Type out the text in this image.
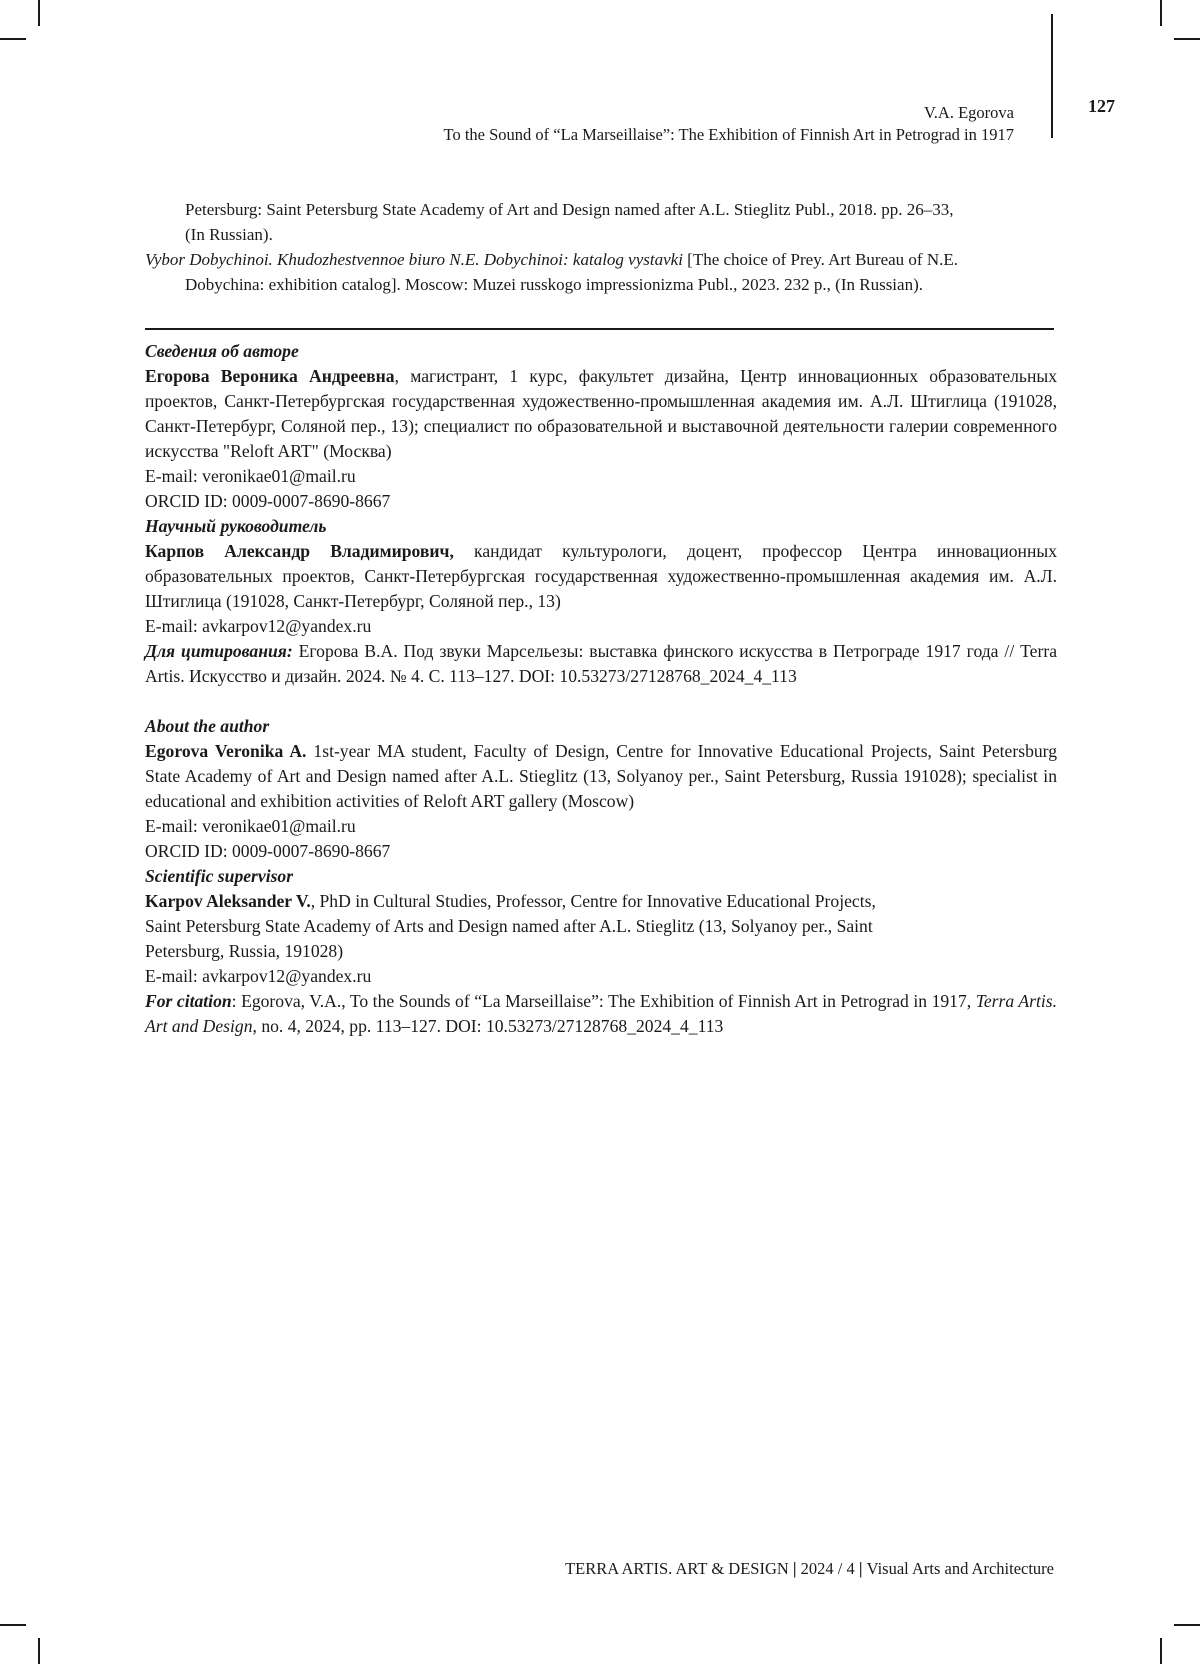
V.A. Egorova
To the Sound of “La Marseillaise”: The Exhibition of Finnish Art in Petrograd in 1917
127
Petersburg: Saint Petersburg State Academy of Art and Design named after A.L. Stieglitz Publ., 2018. pp. 26–33,
(In Russian).
Vybor Dobychinoi. Khudozhestvennoe biuro N.E. Dobychinoi: katalog vystavki [The choice of Prey. Art Bureau of N.E.
Dobychina: exhibition catalog]. Moscow: Muzei russkogo impressionizma Publ., 2023. 232 p., (In Russian).

Сведения об авторе

Егорова Вероника Андреевна, магистрант, 1 курс, факультет дизайна, Центр инновационных образовательных проектов, Санкт-Петербургская государственная художественно-промышленная академия им. А.Л. Штиглица (191028, Санкт-Петербург, Соляной пер., 13); специалист по образовательной и выставочной деятельности галерии современного искусства "Reloft ART" (Москва)

E-mail: veronikae01@mail.ru

ORCID ID: 0009-0007-8690-8667

Научный руководитель

Карпов Александр Владимирович, кандидат культурологи, доцент, профессор Центра инновационных образовательных проектов, Санкт-Петербургская государственная художественно-промышленная академия им. А.Л. Штиглица (191028, Санкт-Петербург, Соляной пер., 13)

E-mail: avkarpov12@yandex.ru

Для цитирования: Егорова В.А. Под звуки Марсельезы: выставка финского искусства в Петрограде 1917 года // Terra Artis. Искусство и дизайн. 2024. № 4. С. 113–127. DOI: 10.53273/27128768_2024_4_113

About the author

Egorova Veronika A. 1st-year MA student, Faculty of Design, Centre for Innovative Educational Projects, Saint Petersburg State Academy of Art and Design named after A.L. Stieglitz (13, Solyanoy per., Saint Petersburg, Russia 191028); specialist in educational and exhibition activities of Reloft ART gallery (Moscow)

E-mail: veronikae01@mail.ru

ORCID ID: 0009-0007-8690-8667

Scientific supervisor

Karpov Aleksander V., PhD in Cultural Studies, Professor, Centre for Innovative Educational Projects,
Saint Petersburg State Academy of Arts and Design named after A.L. Stieglitz (13, Solyanoy per., Saint
Petersburg, Russia, 191028)

E-mail: avkarpov12@yandex.ru

For citation: Egorova, V.A., To the Sounds of “La Marseillaise”: The Exhibition of Finnish Art in Petrograd in 1917, Terra Artis. Art and Design, no. 4, 2024, pp. 113–127. DOI: 10.53273/27128768_2024_4_113

TERRA ARTIS. ART & DESIGN | 2024 / 4 | Visual Arts and Architecture
